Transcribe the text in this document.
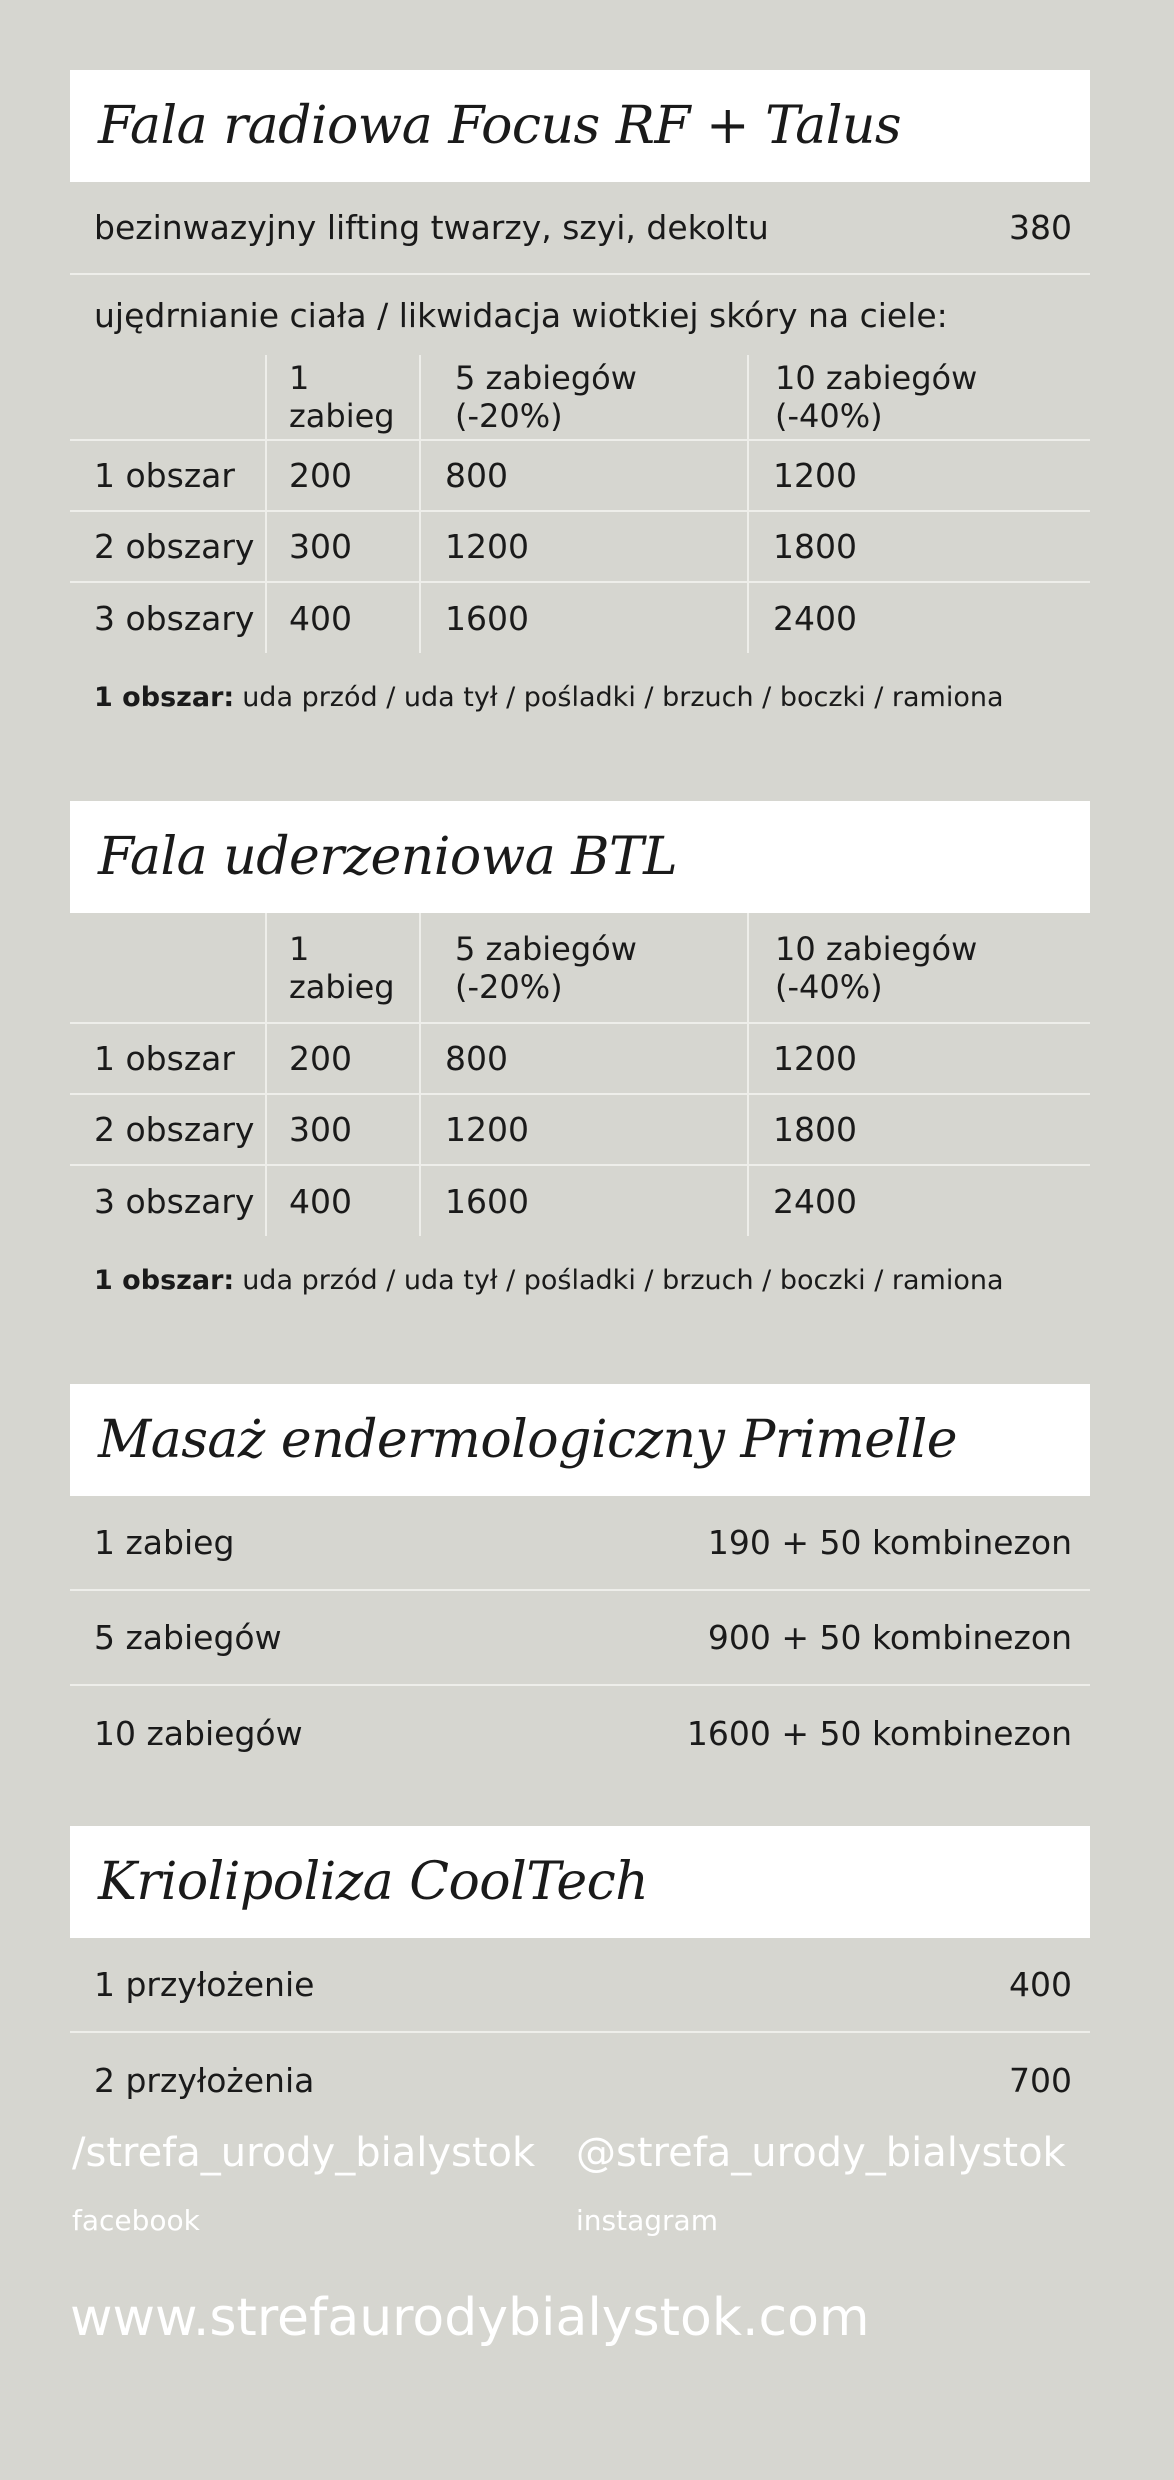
Fala radiowa Focus RF + Talus
bezinwazyjny lifting twarzy, szyi, dekoltu	380
ujędrnianie ciała / likwidacja wiotkiej skóry na ciele:
	1 zabieg	5 zabiegów (-20%)	10 zabiegów (-40%)
1 obszar	200	800	1200
2 obszary	300	1200	1800
3 obszary	400	1600	2400
1 obszar: uda przód / uda tył / pośladki / brzuch / boczki / ramiona
Fala uderzeniowa BTL
	1 zabieg	5 zabiegów (-20%)	10 zabiegów (-40%)
1 obszar	200	800	1200
2 obszary	300	1200	1800
3 obszary	400	1600	2400
1 obszar: uda przód / uda tył / pośladki / brzuch / boczki / ramiona
Masaż endermologiczny Primelle
1 zabieg	190 + 50 kombinezon
5 zabiegów	900 + 50 kombinezon
10 zabiegów	1600 + 50 kombinezon
Kriolipoliza CoolTech
1 przyłożenie	400
2 przyłożenia	700
/strefa_urody_bialystok
facebook
@strefa_urody_bialystok
instagram
www.strefaurodybialystok.com
